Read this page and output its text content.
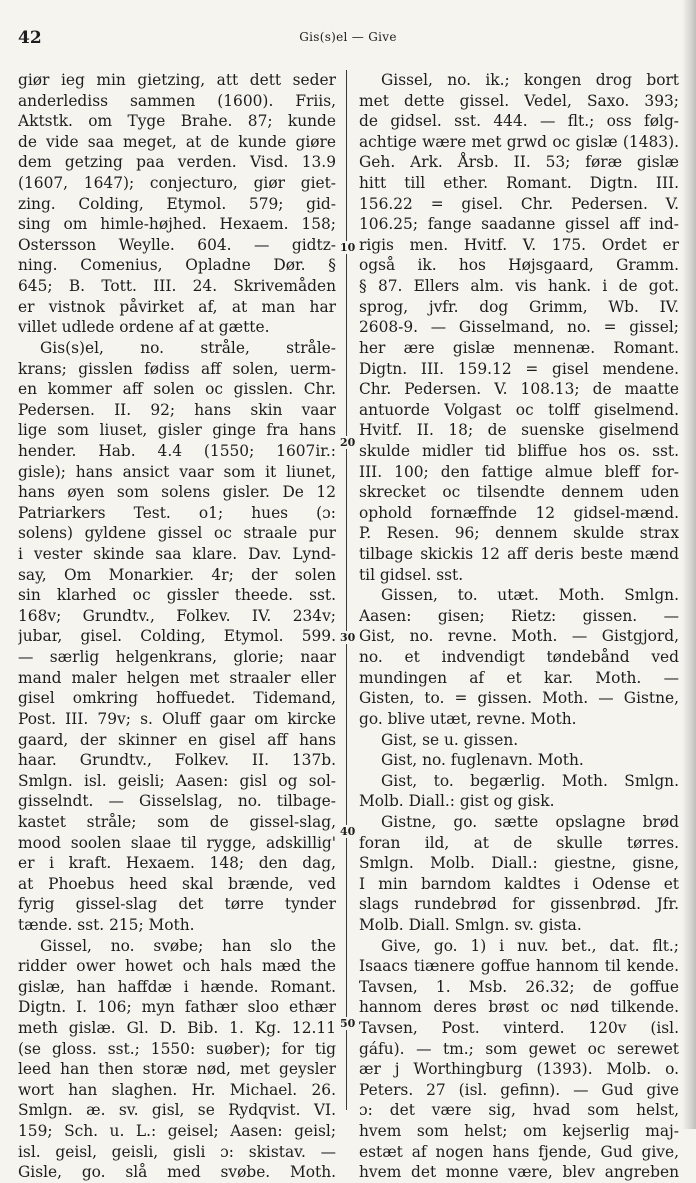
42	Gis(s)el — Give
giør ieg min gietzing, att dett seder
anderlediss sammen (1600). Friis,
Aktstk. om Tyge Brahe. 87; kunde
de vide saa meget, at de kunde giøre
dem getzing paa verden. Visd. 13.9
(1607, 1647); conjecturo, giør giet-
zing. Colding, Etymol. 579; gid-
sing om himle-højhed. Hexaem. 158;
Ostersson Weylle. 604. — gidtz-
ning. Comenius, Opladne Dør. §
645; B. Tott. III. 24. Skrivemåden
er vistnok påvirket af, at man har
villet udlede ordene af at gætte.
Gis(s)el, no. stråle, stråle-
krans; gisslen fødiss aff solen, uerm-
en kommer aff solen oc gisslen. Chr.
Pedersen. II. 92; hans skin vaar
lige som liuset, gisler ginge fra hans
hender. Hab. 4.4 (1550; 1607ir.:
gisle); hans ansict vaar som it liunet,
hans øyen som solens gisler. De 12
Patriarkers Test. o1; hues (ɔ:
solens) gyldene gissel oc straale pur
i vester skinde saa klare. Dav. Lynd-
say, Om Monarkier. 4r; der solen
sin klarhed oc gissler theede. sst.
168v; Grundtv., Folkev. IV. 234v;
jubar, gisel. Colding, Etymol. 599.
— særlig helgenkrans, glorie; naar
mand maler helgen met straaler eller
gisel omkring hoffuedet. Tidemand,
Post. III. 79v; s. Oluff gaar om kircke
gaard, der skinner en gisel aff hans
haar. Grundtv., Folkev. II. 137b.
Smlgn. isl. geisli; Aasen: gisl og sol-
gisselndt. — Gisselslag, no. tilbage-
kastet stråle; som de gissel-slag,
mood soolen slaae til rygge, adskillig'
er i kraft. Hexaem. 148; den dag,
at Phoebus heed skal brænde, ved
fyrig gissel-slag det tørre tynder
tænde. sst. 215; Moth.
Gissel, no. svøbe; han slo the
ridder ower howet och hals mæd the
gislæ, han haffdæ i hænde. Romant.
Digtn. I. 106; myn fathær sloo ethær
meth gislæ. Gl. D. Bib. 1. Kg. 12.11
(se gloss. sst.; 1550: suøber); for tig
leed han then storæ nød, met geysler
wort han slaghen. Hr. Michael. 26.
Smlgn. æ. sv. gisl, se Rydqvist. VI.
159; Sch. u. L.: geisel; Aasen: geisl;
isl. geisl, geisli, gisli ɔ: skistav. —
Gisle, go. slå med svøbe. Moth.
Gissel, no. ik.; kongen drog bort
met dette gissel. Vedel, Saxo. 393;
de gidsel. sst. 444. — flt.; oss følg-
achtige wære met grwd oc gislæ (1483).
Geh. Ark. Årsb. II. 53; føræ gislæ
hitt till ether. Romant. Digtn. III.
156.22 = gisel. Chr. Pedersen. V.
106.25; fange saadanne gissel aff ind-
rigis men. Hvitf. V. 175. Ordet er
også ik. hos Højsgaard, Gramm.
§ 87. Ellers alm. vis hank. i de got.
sprog, jvfr. dog Grimm, Wb. IV.
2608-9. — Gisselmand, no. = gissel;
her ære gislæ mennenæ. Romant.
Digtn. III. 159.12 = gisel mendene.
Chr. Pedersen. V. 108.13; de maatte
antuorde Volgast oc tolff giselmend.
Hvitf. II. 18; de suenske giselmend
skulde midler tid bliffue hos os. sst.
III. 100; den fattige almue bleff for-
skrecket oc tilsendte dennem uden
ophold fornæffnde 12 gidsel-mænd.
P. Resen. 96; dennem skulde strax
tilbage skickis 12 aff deris beste mænd
til gidsel. sst.
Gissen, to. utæt. Moth. Smlgn.
Aasen: gisen; Rietz: gissen. —
Gist, no. revne. Moth. — Gistgjord,
no. et indvendigt tøndebånd ved
mundingen af et kar. Moth. —
Gisten, to. = gissen. Moth. — Gistne,
go. blive utæt, revne. Moth.
Gist, se u. gissen.
Gist, no. fuglenavn. Moth.
Gist, to. begærlig. Moth. Smlgn.
Molb. Diall.: gist og gisk.
Gistne, go. sætte opslagne brød
foran ild, at de skulle tørres.
Smlgn. Molb. Diall.: giestne, gisne,
I min barndom kaldtes i Odense et
slags rundebrød for gissenbrød. Jfr.
Molb. Diall. Smlgn. sv. gista.
Give, go. 1) i nuv. bet., dat. flt.;
Isaacs tiænere goffue hannom til kende.
Tavsen, 1. Msb. 26.32; de goffue
hannom deres brøst oc nød tilkende.
Tavsen, Post. vinterd. 120v (isl.
gáfu). — tm.; som gewet oc serewet
ær j Worthingburg (1393). Molb. o.
Peters. 27 (isl. gefinn). — Gud give
ɔ: det være sig, hvad som helst,
hvem som helst; om kejserlig maj-
estæt af nogen hans fjende, Gud give,
hvem det monne være, blev angreben
10
20
30
40
50
